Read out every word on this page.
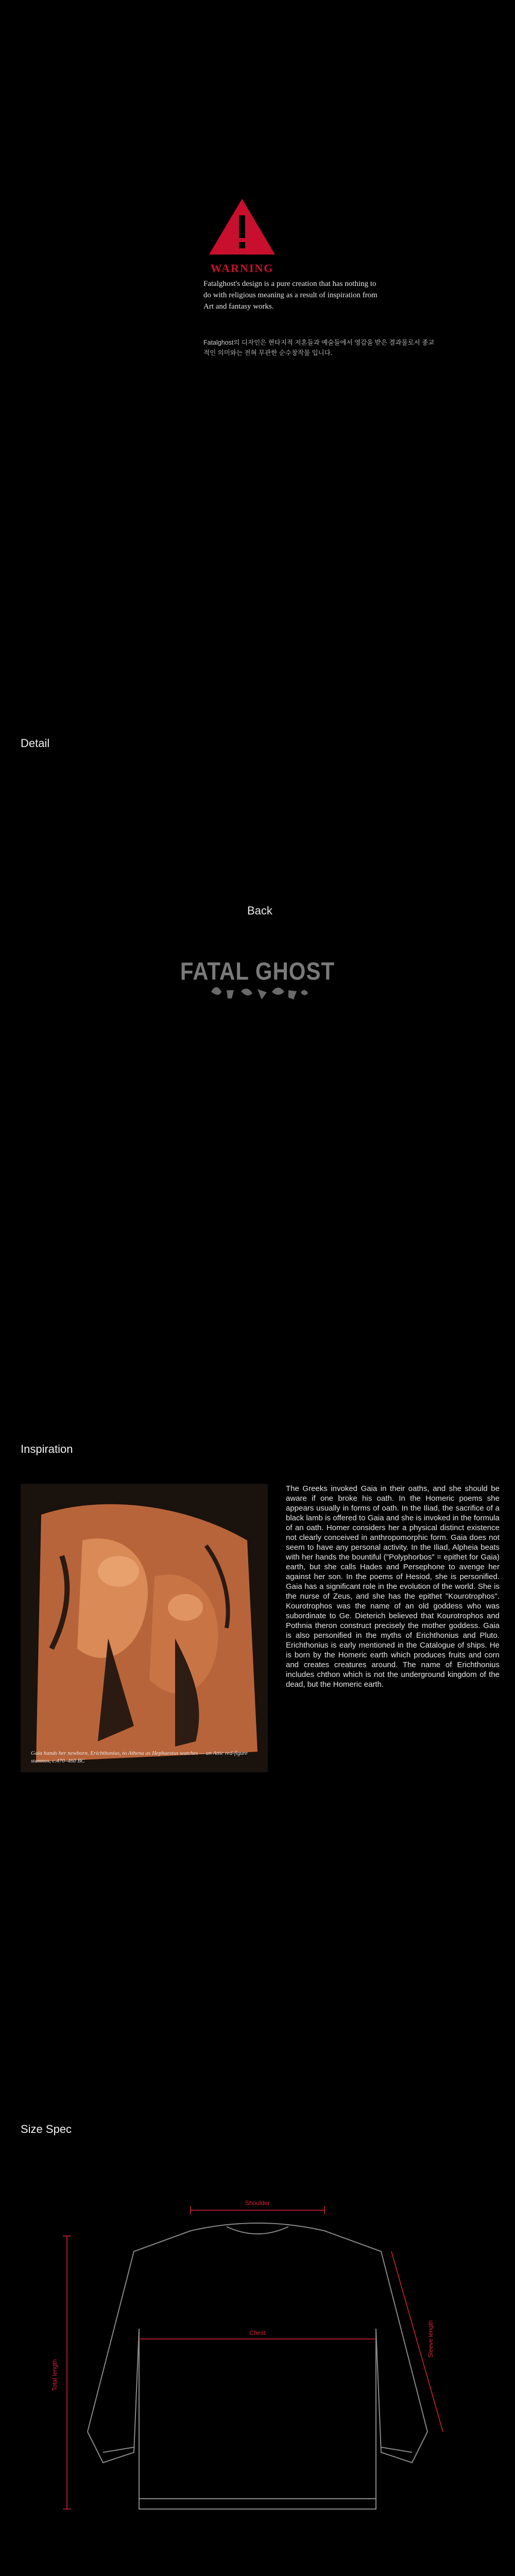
WARNING
Fatalghost's design is a pure creation that has nothing to do with religious meaning as a result of inspiration from Art and fantasy works.
Fatalghost의 디자인은 현타지적 저혼들과 예술들에서 영감을 받은 결과물로서 종교적인 의미와는 전혀 무관한 순수창작물 입니다.
Detail
Back
FATAL GHOST
Inspiration
Gaia hands her newborn, Erichthonius, to Athena as Hephaestus watches — an Attic red-figure stamnos, c.470–460 BC
The Greeks invoked Gaia in their oaths, and she should be aware if one broke his oath. In the Homeric poems she appears usually in forms of oath. In the Iliad, the sacrifice of a black lamb is offered to Gaia and she is invoked in the formula of an oath. Homer considers her a physical distinct existence not clearly conceived in anthropomorphic form. Gaia does not seem to have any personal activity. In the Iliad, Alpheia beats with her hands the bountiful ("Polyphorbos" = epithet for Gaia) earth, but she calls Hades and Persephone to avenge her against her son. In the poems of Hesiod, she is personified. Gaia has a significant role in the evolution of the world. She is the nurse of Zeus, and she has the epithet "Kourotrophos". Kourotrophos was the name of an old goddess who was subordinate to Ge. Dieterich believed that Kourotrophos and Pothnia theron construct precisely the mother goddess. Gaia is also personified in the myths of Erichthonius and Pluto. Erichthonius is early mentioned in the Catalogue of ships. He is born by the Homeric earth which produces fruits and corn and creates creatures around. The name of Erichthonius includes chthon which is not the underground kingdom of the dead, but the Homeric earth.
Size Spec
Shoulder
Chest
Total length
Sleeve length
